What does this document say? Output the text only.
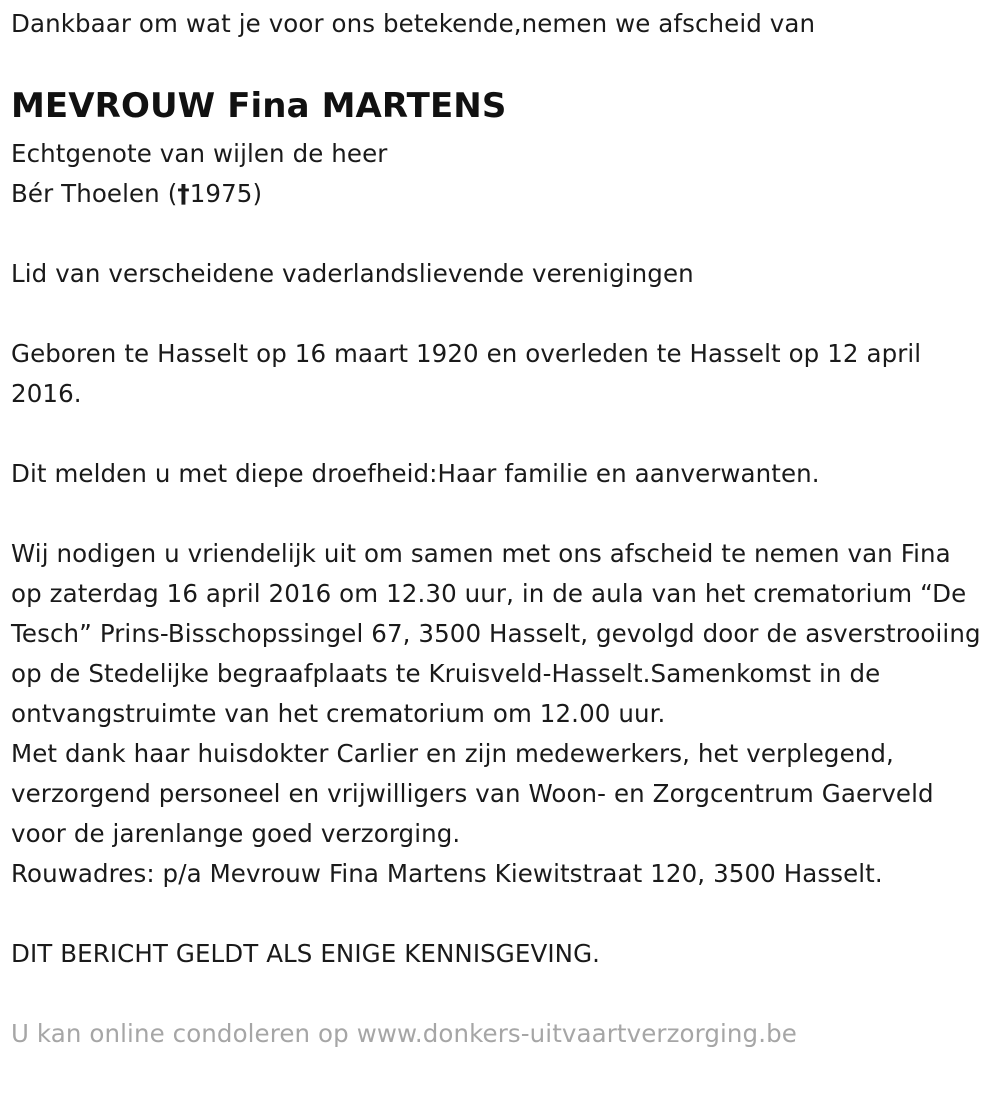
Dankbaar om wat je voor ons betekende,nemen we afscheid van

MEVROUW Fina MARTENS

Echtgenote van wijlen de heer

Bér Thoelen (†1975)

Lid van verscheidene vaderlandslievende verenigingen

Geboren te Hasselt op 16 maart 1920 en overleden te Hasselt op 12 april 2016.

Dit melden u met diepe droefheid:Haar familie en aanverwanten.

Wij nodigen u vriendelijk uit om samen met ons afscheid te nemen van Fina op zaterdag 16 april 2016 om 12.30 uur, in de aula van het crematorium “De Tesch” Prins-Bisschopssingel 67, 3500 Hasselt, gevolgd door de asverstrooiing op de Stedelijke begraafplaats te Kruisveld-Hasselt.Samenkomst in de ontvangstruimte van het crematorium om 12.00 uur.

Met dank haar huisdokter Carlier en zijn medewerkers, het verplegend, verzorgend personeel en vrijwilligers van Woon- en Zorgcentrum Gaerveld voor de jarenlange goed verzorging.

Rouwadres: p/a Mevrouw Fina Martens Kiewitstraat 120, 3500 Hasselt.

DIT BERICHT GELDT ALS ENIGE KENNISGEVING.

U kan online condoleren op www.donkers-uitvaartverzorging.be
